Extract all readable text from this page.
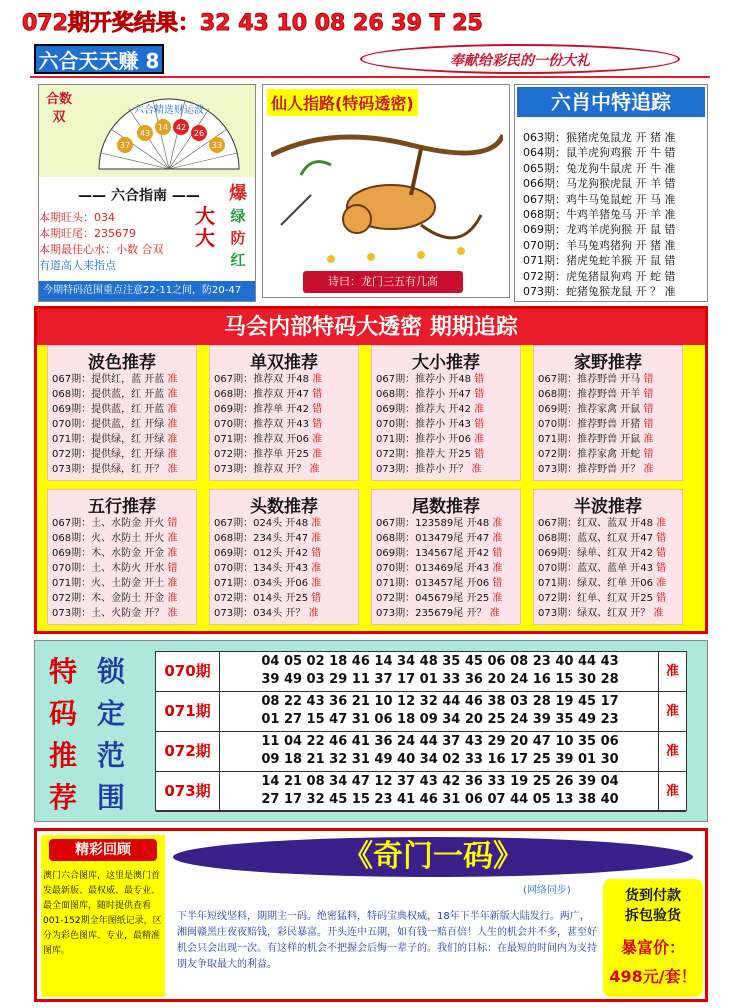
072期开奖结果：32 43 10 08 26 39 T 25
六合天天赚 8	奉献给彩民的一份大礼
合数双	六合精选财运波
37
43
14 42
26
33
—— 六合指南 ——
本期旺头：034
本期旺尾：235679
本期最佳心水：小数 合双
有道高人来指点
爆
绿
防
红
大
大
今期特码范围重点注意22-11之间，防20-47
仙人指路(特码透密)
诗曰：龙门三五有几高
六肖中特追踪
063期：猴猪虎兔鼠龙 开 猪 准
064期：鼠羊虎狗鸡猴 开 牛 错
065期：兔龙狗牛鼠虎 开 牛 准
066期：马龙狗猴虎鼠 开 羊 错
067期：鸡牛马兔鼠蛇 开 马 准
068期：牛鸡羊猪兔马 开 羊 准
069期：龙鸡羊虎狗猴 开 鼠 错
070期：羊马兔鸡猪狗 开 猪 准
071期：猪虎兔蛇羊猴 开 鼠 错
072期：虎兔猪鼠狗鸡 开 蛇 错
073期：蛇猪兔猴龙鼠 开 ？ 准
马会内部特码大透密 期期追踪
波色推荐
067期：提供红，蓝 开蓝 准
068期：提供蓝，红 开蓝 准
069期：提供蓝，红 开蓝 准
070期：提供蓝，红 开绿 准
071期：提供绿，红 开绿 准
072期：提供绿，红 开绿 准
073期：提供绿，红 开？ 准
单双推荐
067期：推荐双 开48 准
068期：推荐双 开47 错
069期：推荐单 开42 错
070期：推荐双 开43 错
071期：推荐双 开06 准
072期：推荐单 开25 准
073期：推荐双 开？ 准
大小推荐
067期：推荐小 开48 错
068期：推荐小 开47 错
069期：推荐大 开42 准
070期：推荐小 开43 错
071期：推荐小 开06 准
072期：推荐大 开25 错
073期：推荐小 开？ 准
家野推荐
067期：推荐野兽 开马 错
068期：推荐野兽 开羊 错
069期：推荐家禽 开鼠 错
070期：推荐野兽 开猪 错
071期：推荐野兽 开鼠 准
072期：推荐家禽 开蛇 错
073期：推荐野兽 开？ 准
五行推荐
067期：土、水防金 开火 错
068期：火、水防土 开火 准
069期：木、水防金 开金 准
070期：土、木防火 开水 错
071期：火、土防金 开土 准
072期：木、金防土 开金 准
073期：土、火防金 开？ 准
头数推荐
067期：024头 开48 准
068期：234头 开47 准
069期：012头 开42 错
070期：134头 开43 准
071期：034头 开06 准
072期：014头 开25 错
073期：034头 开？ 准
尾数推荐
067期：123589尾 开48 准
068期：013479尾 开47 准
069期：134567尾 开42 错
070期：013469尾 开43 准
071期：013457尾 开06 错
072期：045679尾 开25 准
073期：235679尾 开？ 准
半波推荐
067期：红双、蓝双 开48 准
068期：蓝双、红双 开47 错
069期：绿单、红双 开42 错
070期：蓝双、蓝单 开43 错
071期：绿双、红单 开06 准
072期：红单、红双 开25 错
073期：绿双、红双 开？ 准
特
码
推
荐
锁
定
范
围
070期
04 05 02 18 46 14 34 48 35 45 06 08 23 40 44 43
39 49 03 29 11 37 17 01 33 36 20 24 16 15 30 28
准
071期
08 22 43 36 21 10 12 32 44 46 38 03 28 19 45 17
01 27 15 47 31 06 18 09 34 20 25 24 39 35 49 23
准
072期
11 04 22 46 41 36 24 44 37 43 29 20 47 10 35 06
09 18 21 32 31 49 40 34 02 33 16 17 25 39 01 30
准
073期
14 21 08 34 47 12 37 43 42 36 33 19 25 26 39 04
27 17 32 45 15 23 41 46 31 06 07 44 05 13 38 40
准
精彩回顾
澳门六合图库，这里是澳门首发最新版、最权威、最专业、最全面图库，随时提供查看001-152期全年图纸记录，区分为彩色图库、专业，最精准图库。
《奇门一码》
(网络同步)
下半年短线坚料，期期主一码。绝密猛料，特码宝典权威，18年下半年新版大陆发行。两广，湘闽赣黑庄夜夜赔钱，彩民暴富。开头连中五期，如有钱一赔百倍！人生的机会并不多，葚至好机会只会出现一次。有这样的机会不把握会后悔一辈子的。我们的目标：在最短的时间内为支持朋友争取最大的利益。
货到付款
拆包验货
暴富价：
498元/套！
